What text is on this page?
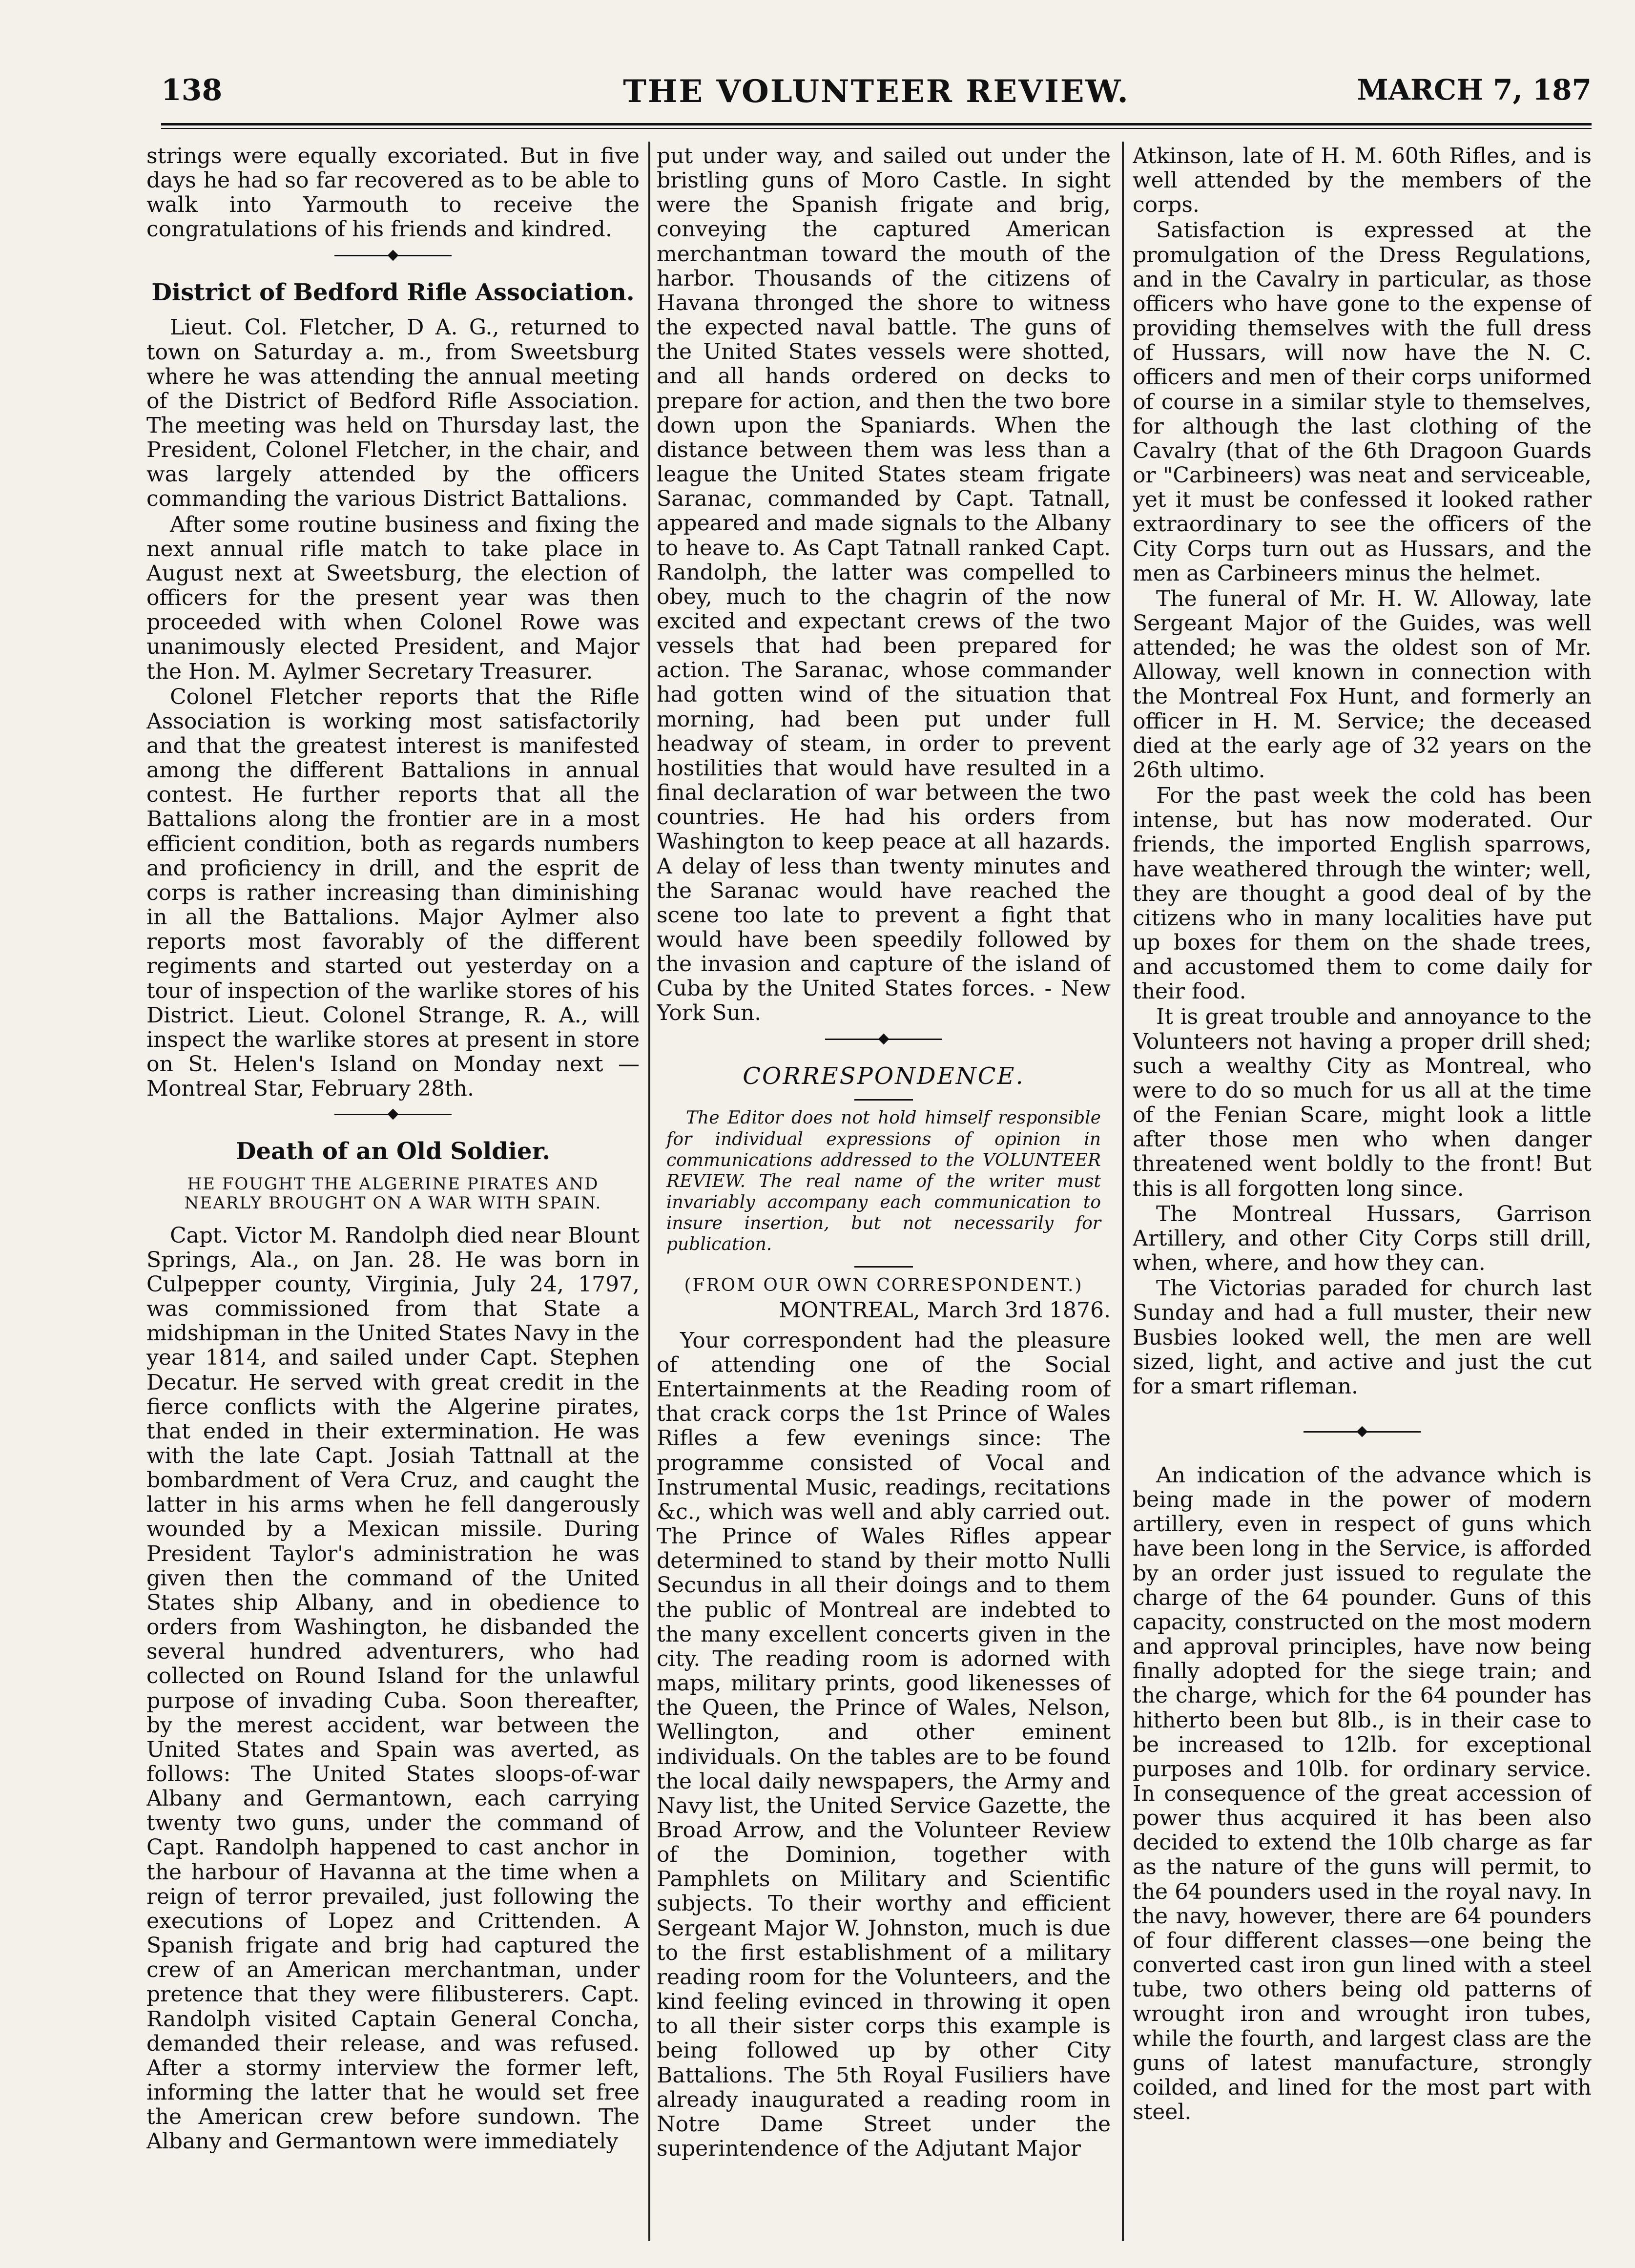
138	THE VOLUNTEER REVIEW.	MARCH 7, 187

strings were equally excoriated. But in five days he had so far recovered as to be able to walk into Yarmouth to receive the congratulations of his friends and kindred.

District of Bedford Rifle Association.

Lieut. Col. Fletcher, D A. G., returned to town on Saturday a. m., from Sweetsburg where he was attending the annual meeting of the District of Bedford Rifle Association. The meeting was held on Thursday last, the President, Colonel Fletcher, in the chair, and was largely attended by the officers commanding the various District Battalions.

After some routine business and fixing the next annual rifle match to take place in August next at Sweetsburg, the election of officers for the present year was then proceeded with when Colonel Rowe was unanimously elected President, and Major the Hon. M. Aylmer Secretary Treasurer.

Colonel Fletcher reports that the Rifle Association is working most satisfactorily and that the greatest interest is manifested among the different Battalions in annual contest. He further reports that all the Battalions along the frontier are in a most efficient condition, both as regards numbers and proficiency in drill, and the esprit de corps is rather increasing than diminishing in all the Battalions. Major Aylmer also reports most favorably of the different regiments and started out yesterday on a tour of inspection of the warlike stores of his District. Lieut. Colonel Strange, R. A., will inspect the warlike stores at present in store on St. Helen's Island on Monday next —Montreal Star, February 28th.

Death of an Old Soldier.
HE FOUGHT THE ALGERINE PIRATES AND NEARLY BROUGHT ON A WAR WITH SPAIN.

Capt. Victor M. Randolph died near Blount Springs, Ala., on Jan. 28. He was born in Culpepper county, Virginia, July 24, 1797, was commissioned from that State a midshipman in the United States Navy in the year 1814, and sailed under Capt. Stephen Decatur. He served with great credit in the fierce conflicts with the Algerine pirates, that ended in their extermination. He was with the late Capt. Josiah Tattnall at the bombardment of Vera Cruz, and caught the latter in his arms when he fell dangerously wounded by a Mexican missile. During President Taylor's administration he was given then the command of the United States ship Albany, and in obedience to orders from Washington, he disbanded the several hundred adventurers, who had collected on Round Island for the unlawful purpose of invading Cuba. Soon thereafter, by the merest accident, war between the United States and Spain was averted, as follows: The United States sloops-of-war Albany and Germantown, each carrying twenty two guns, under the command of Capt. Randolph happened to cast anchor in the harbour of Havanna at the time when a reign of terror prevailed, just following the executions of Lopez and Crittenden. A Spanish frigate and brig had captured the crew of an American merchantman, under pretence that they were filibusterers. Capt. Randolph visited Captain General Concha, demanded their release, and was refused. After a stormy interview the former left, informing the latter that he would set free the American crew before sundown. The Albany and Germantown were immediately

put under way, and sailed out under the bristling guns of Moro Castle. In sight were the Spanish frigate and brig, conveying the captured American merchantman toward the mouth of the harbor. Thousands of the citizens of Havana thronged the shore to witness the expected naval battle. The guns of the United States vessels were shotted, and all hands ordered on decks to prepare for action, and then the two bore down upon the Spaniards. When the distance between them was less than a league the United States steam frigate Saranac, commanded by Capt. Tatnall, appeared and made signals to the Albany to heave to. As Capt Tatnall ranked Capt. Randolph, the latter was compelled to obey, much to the chagrin of the now excited and expectant crews of the two vessels that had been prepared for action. The Saranac, whose commander had gotten wind of the situation that morning, had been put under full headway of steam, in order to prevent hostilities that would have resulted in a final declaration of war between the two countries. He had his orders from Washington to keep peace at all hazards. A delay of less than twenty minutes and the Saranac would have reached the scene too late to prevent a fight that would have been speedily followed by the invasion and capture of the island of Cuba by the United States forces. - New York Sun.

CORRESPONDENCE.
The Editor does not hold himself responsible for individual expressions of opinion in communications addressed to the VOLUNTEER REVIEW. The real name of the writer must invariably accompany each communication to insure insertion, but not necessarily for publication.
(FROM OUR OWN CORRESPONDENT.)
MONTREAL, March 3rd 1876.

Your correspondent had the pleasure of attending one of the Social Entertainments at the Reading room of that crack corps the 1st Prince of Wales Rifles a few evenings since: The programme consisted of Vocal and Instrumental Music, readings, recitations &c., which was well and ably carried out. The Prince of Wales Rifles appear determined to stand by their motto Nulli Secundus in all their doings and to them the public of Montreal are indebted to the many excellent concerts given in the city. The reading room is adorned with maps, military prints, good likenesses of the Queen, the Prince of Wales, Nelson, Wellington, and other eminent individuals. On the tables are to be found the local daily newspapers, the Army and Navy list, the United Service Gazette, the Broad Arrow, and the Volunteer Review of the Dominion, together with Pamphlets on Military and Scientific subjects. To their worthy and efficient Sergeant Major W. Johnston, much is due to the first establishment of a military reading room for the Volunteers, and the kind feeling evinced in throwing it open to all their sister corps this example is being followed up by other City Battalions. The 5th Royal Fusiliers have already inaugurated a reading room in Notre Dame Street under the superintendence of the Adjutant Major

Atkinson, late of H. M. 60th Rifles, and is well attended by the members of the corps.

Satisfaction is expressed at the promulgation of the Dress Regulations, and in the Cavalry in particular, as those officers who have gone to the expense of providing themselves with the full dress of Hussars, will now have the N. C. officers and men of their corps uniformed of course in a similar style to themselves, for although the last clothing of the Cavalry (that of the 6th Dragoon Guards or "Carbineers) was neat and serviceable, yet it must be confessed it looked rather extraordinary to see the officers of the City Corps turn out as Hussars, and the men as Carbineers minus the helmet.

The funeral of Mr. H. W. Alloway, late Sergeant Major of the Guides, was well attended; he was the oldest son of Mr. Alloway, well known in connection with the Montreal Fox Hunt, and formerly an officer in H. M. Service; the deceased died at the early age of 32 years on the 26th ultimo.

For the past week the cold has been intense, but has now moderated. Our friends, the imported English sparrows, have weathered through the winter; well, they are thought a good deal of by the citizens who in many localities have put up boxes for them on the shade trees, and accustomed them to come daily for their food.

It is great trouble and annoyance to the Volunteers not having a proper drill shed; such a wealthy City as Montreal, who were to do so much for us all at the time of the Fenian Scare, might look a little after those men who when danger threatened went boldly to the front! But this is all forgotten long since.

The Montreal Hussars, Garrison Artillery, and other City Corps still drill, when, where, and how they can.

The Victorias paraded for church last Sunday and had a full muster, their new Busbies looked well, the men are well sized, light, and active and just the cut for a smart rifleman.

An indication of the advance which is being made in the power of modern artillery, even in respect of guns which have been long in the Service, is afforded by an order just issued to regulate the charge of the 64 pounder. Guns of this capacity, constructed on the most modern and approval principles, have now being finally adopted for the siege train; and the charge, which for the 64 pounder has hitherto been but 8lb., is in their case to be increased to 12lb. for exceptional purposes and 10lb. for ordinary service. In consequence of the great accession of power thus acquired it has been also decided to extend the 10lb charge as far as the nature of the guns will permit, to the 64 pounders used in the royal navy. In the navy, however, there are 64 pounders of four different classes—one being the converted cast iron gun lined with a steel tube, two others being old patterns of wrought iron and wrought iron tubes, while the fourth, and largest class are the guns of latest manufacture, strongly coilded, and lined for the most part with steel.
